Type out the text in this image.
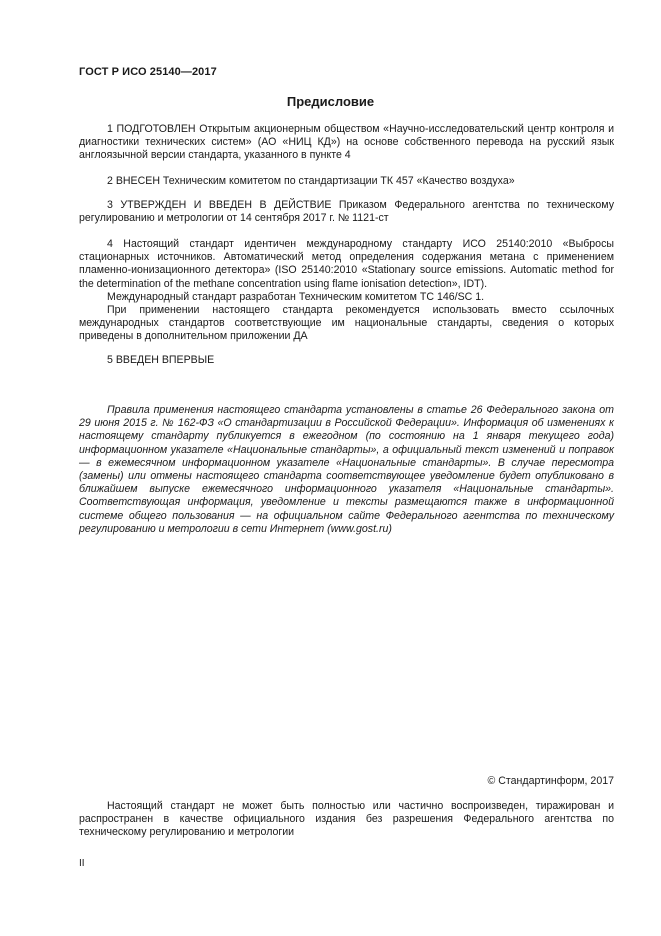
ГОСТ Р ИСО 25140—2017
Предисловие

1 ПОДГОТОВЛЕН Открытым акционерным обществом «Научно-исследовательский центр контроля и диагностики технических систем» (АО «НИЦ КД») на основе собственного перевода на русский язык англоязычной версии стандарта, указанного в пункте 4

2 ВНЕСЕН Техническим комитетом по стандартизации ТК 457 «Качество воздуха»

3 УТВЕРЖДЕН И ВВЕДЕН В ДЕЙСТВИЕ Приказом Федерального агентства по техническому регулированию и метрологии от 14 сентября 2017 г. № 1121-ст

4 Настоящий стандарт идентичен международному стандарту ИСО 25140:2010 «Выбросы стационарных источников. Автоматический метод определения содержания метана с применением пламенно-ионизационного детектора» (ISO 25140:2010 «Stationary source emissions. Automatic method for the determination of the methane concentration using flame ionisation detection», IDT).

Международный стандарт разработан Техническим комитетом ТС 146/SC 1.

При применении настоящего стандарта рекомендуется использовать вместо ссылочных международных стандартов соответствующие им национальные стандарты, сведения о которых приведены в дополнительном приложении ДА

5 ВВЕДЕН ВПЕРВЫЕ

Правила применения настоящего стандарта установлены в статье 26 Федерального закона от 29 июня 2015 г. № 162-ФЗ «О стандартизации в Российской Федерации». Информация об изменениях к настоящему стандарту публикуется в ежегодном (по состоянию на 1 января текущего года) информационном указателе «Национальные стандарты», а официальный текст изменений и поправок — в ежемесячном информационном указателе «Национальные стандарты». В случае пересмотра (замены) или отмены настоящего стандарта соответствующее уведомление будет опубликовано в ближайшем выпуске ежемесячного информационного указателя «Национальные стандарты». Соответствующая информация, уведомление и тексты размещаются также в информационной системе общего пользования — на официальном сайте Федерального агентства по техническому регулированию и метрологии в сети Интернет (www.gost.ru)

© Стандартинформ, 2017

Настоящий стандарт не может быть полностью или частично воспроизведен, тиражирован и распространен в качестве официального издания без разрешения Федерального агентства по техническому регулированию и метрологии

II
